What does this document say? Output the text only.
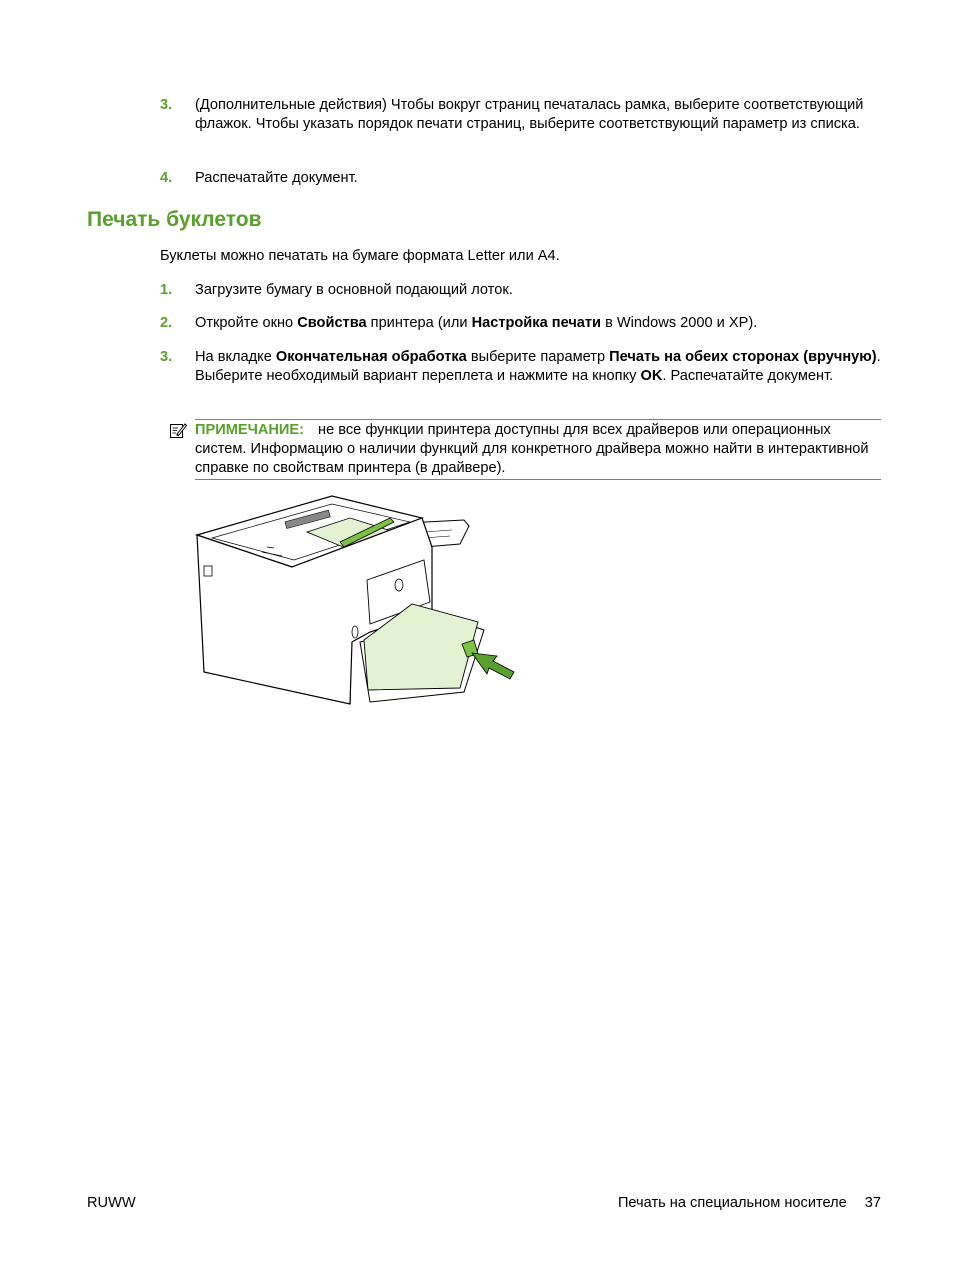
3.	(Дополнительные действия) Чтобы вокруг страниц печаталась рамка, выберите соответствующий флажок. Чтобы указать порядок печати страниц, выберите соответствующий параметр из списка.
4.	Распечатайте документ.
Печать буклетов
Буклеты можно печатать на бумаге формата Letter или A4.
1.	Загрузите бумагу в основной подающий лоток.
2.	Откройте окно Свойства принтера (или Настройка печати в Windows 2000 и XP).
3.	На вкладке Окончательная обработка выберите параметр Печать на обеих сторонах (вручную). Выберите необходимый вариант переплета и нажмите на кнопку OK. Распечатайте документ.
ПРИМЕЧАНИЕ: не все функции принтера доступны для всех драйверов или операционных систем. Информацию о наличии функций для конкретного драйвера можно найти в интерактивной справке по свойствам принтера (в драйвере).
RUWW	Печать на специальном носителе 37
